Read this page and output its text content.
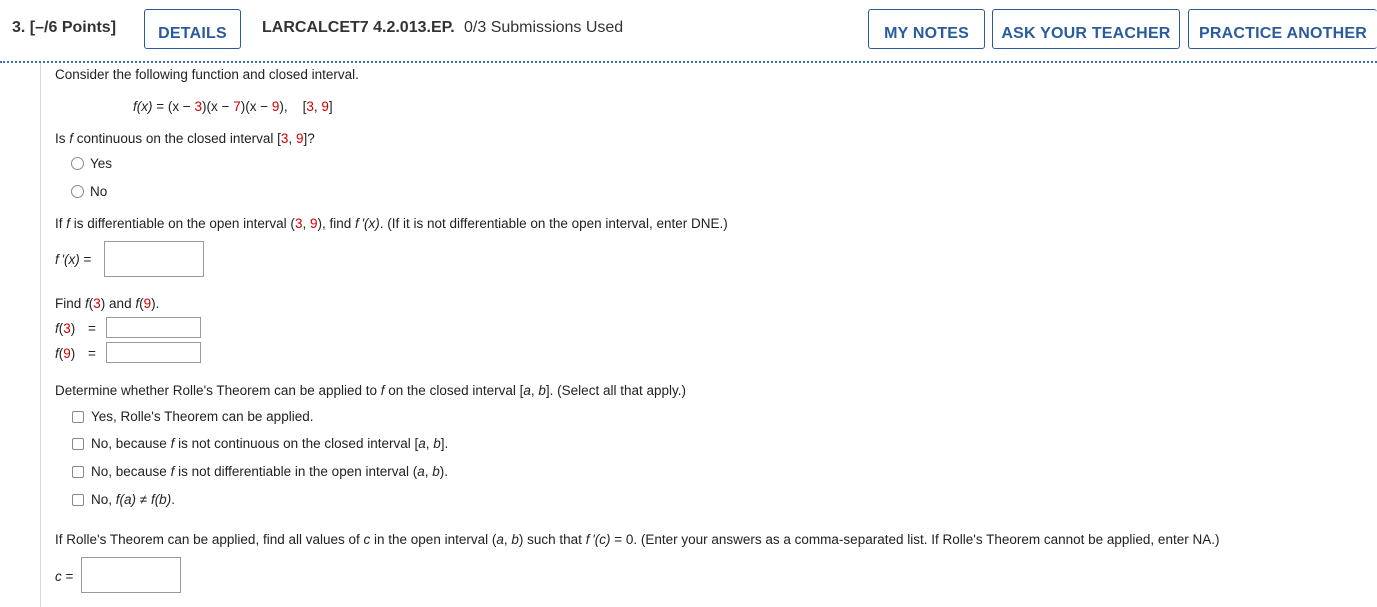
3. [–/6 Points]	DETAILS	LARCALCET7 4.2.013.EP. 0/3 Submissions Used	MY NOTES	ASK YOUR TEACHER	PRACTICE ANOTHER
Consider the following function and closed interval.
f(x) = (x − 3)(x − 7)(x − 9),    [3, 9]
Is f continuous on the closed interval [3, 9]?
Yes
No
If f is differentiable on the open interval (3, 9), find f '(x). (If it is not differentiable on the open interval, enter DNE.)
f '(x) =
Find f(3) and f(9).
f(3) =
f(9) =
Determine whether Rolle's Theorem can be applied to f on the closed interval [a, b]. (Select all that apply.)
Yes, Rolle's Theorem can be applied.
No, because f is not continuous on the closed interval [a, b].
No, because f is not differentiable in the open interval (a, b).
No, f(a) ≠ f(b).
If Rolle's Theorem can be applied, find all values of c in the open interval (a, b) such that f '(c) = 0. (Enter your answers as a comma-separated list. If Rolle's Theorem cannot be applied, enter NA.)
c =
